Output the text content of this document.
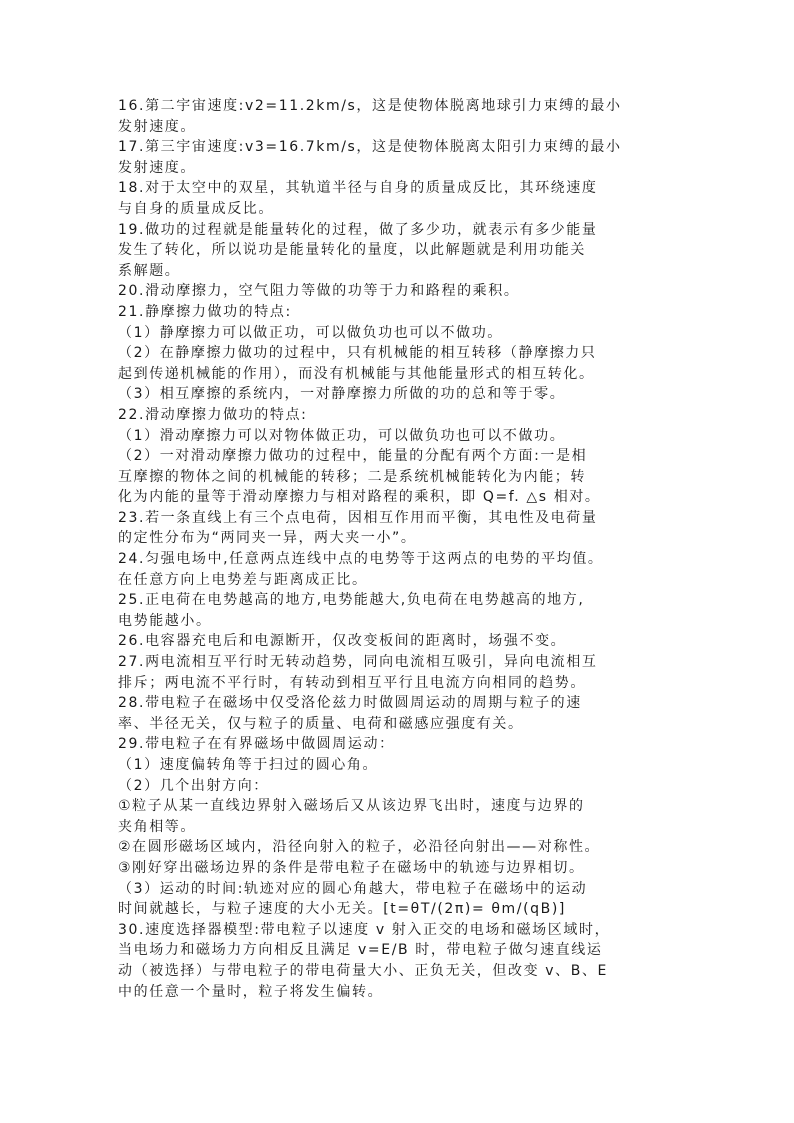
16.第二宇宙速度:v2=11.2km/s，这是使物体脱离地球引力束缚的最小
发射速度。
17.第三宇宙速度:v3=16.7km/s，这是使物体脱离太阳引力束缚的最小
发射速度。
18.对于太空中的双星，其轨道半径与自身的质量成反比，其环绕速度
与自身的质量成反比。
19.做功的过程就是能量转化的过程，做了多少功，就表示有多少能量
发生了转化，所以说功是能量转化的量度，以此解题就是利用功能关
系解题。
20.滑动摩擦力，空气阻力等做的功等于力和路程的乘积。
21.静摩擦力做功的特点:
（1）静摩擦力可以做正功，可以做负功也可以不做功。
（2）在静摩擦力做功的过程中，只有机械能的相互转移（静摩擦力只
起到传递机械能的作用），而没有机械能与其他能量形式的相互转化。
（3）相互摩擦的系统内，一对静摩擦力所做的功的总和等于零。
22.滑动摩擦力做功的特点:
（1）滑动摩擦力可以对物体做正功，可以做负功也可以不做功。
（2）一对滑动摩擦力做功的过程中，能量的分配有两个方面:一是相
互摩擦的物体之间的机械能的转移；二是系统机械能转化为内能；转
化为内能的量等于滑动摩擦力与相对路程的乘积，即 Q=f. △s 相对。
23.若一条直线上有三个点电荷，因相互作用而平衡，其电性及电荷量
的定性分布为“两同夹一异，两大夹一小”。
24.匀强电场中,任意两点连线中点的电势等于这两点的电势的平均值。
在任意方向上电势差与距离成正比。
25.正电荷在电势越高的地方,电势能越大,负电荷在电势越高的地方,
电势能越小。
26.电容器充电后和电源断开，仅改变板间的距离时，场强不变。
27.两电流相互平行时无转动趋势，同向电流相互吸引，异向电流相互
排斥；两电流不平行时，有转动到相互平行且电流方向相同的趋势。
28.带电粒子在磁场中仅受洛伦兹力时做圆周运动的周期与粒子的速
率、半径无关，仅与粒子的质量、电荷和磁感应强度有关。
29.带电粒子在有界磁场中做圆周运动：
（1）速度偏转角等于扫过的圆心角。
（2）几个出射方向：
①粒子从某一直线边界射入磁场后又从该边界飞出时，速度与边界的
夹角相等。
②在圆形磁场区域内，沿径向射入的粒子，必沿径向射出——对称性。
③刚好穿出磁场边界的条件是带电粒子在磁场中的轨迹与边界相切。
（3）运动的时间:轨迹对应的圆心角越大，带电粒子在磁场中的运动
时间就越长，与粒子速度的大小无关。[t=θT/(2π)= θm/(qB)]
30.速度选择器模型:带电粒子以速度 v 射入正交的电场和磁场区域时，
当电场力和磁场力方向相反且满足 v=E/B 时，带电粒子做匀速直线运
动（被选择）与带电粒子的带电荷量大小、正负无关，但改变 v、B、E
中的任意一个量时，粒子将发生偏转。
